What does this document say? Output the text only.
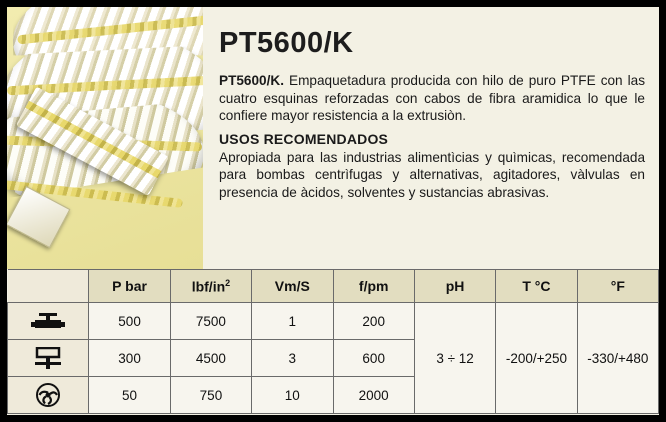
PT5600/K

PT5600/K. Empaquetadura producida con hilo de puro PTFE con las cuatro esquinas reforzadas con cabos de fibra aramidica lo que le confiere mayor resistencia a la extrusiòn.

USOS RECOMENDADOS

Apropiada para las industrias alimentìcias y quìmicas, recomendada para bombas centrìfugas y alternativas, agitadores, vàlvulas en presencia de àcidos, solventes y sustancias abrasivas.

	P bar	lbf/$in^2$	Vm/S	f/pm	pH	T °C	°F

	500	7500	1	200	3 ÷ 12	-200/+250	-330/+480

	300	4500	3	600			

	50	750	10	2000			
